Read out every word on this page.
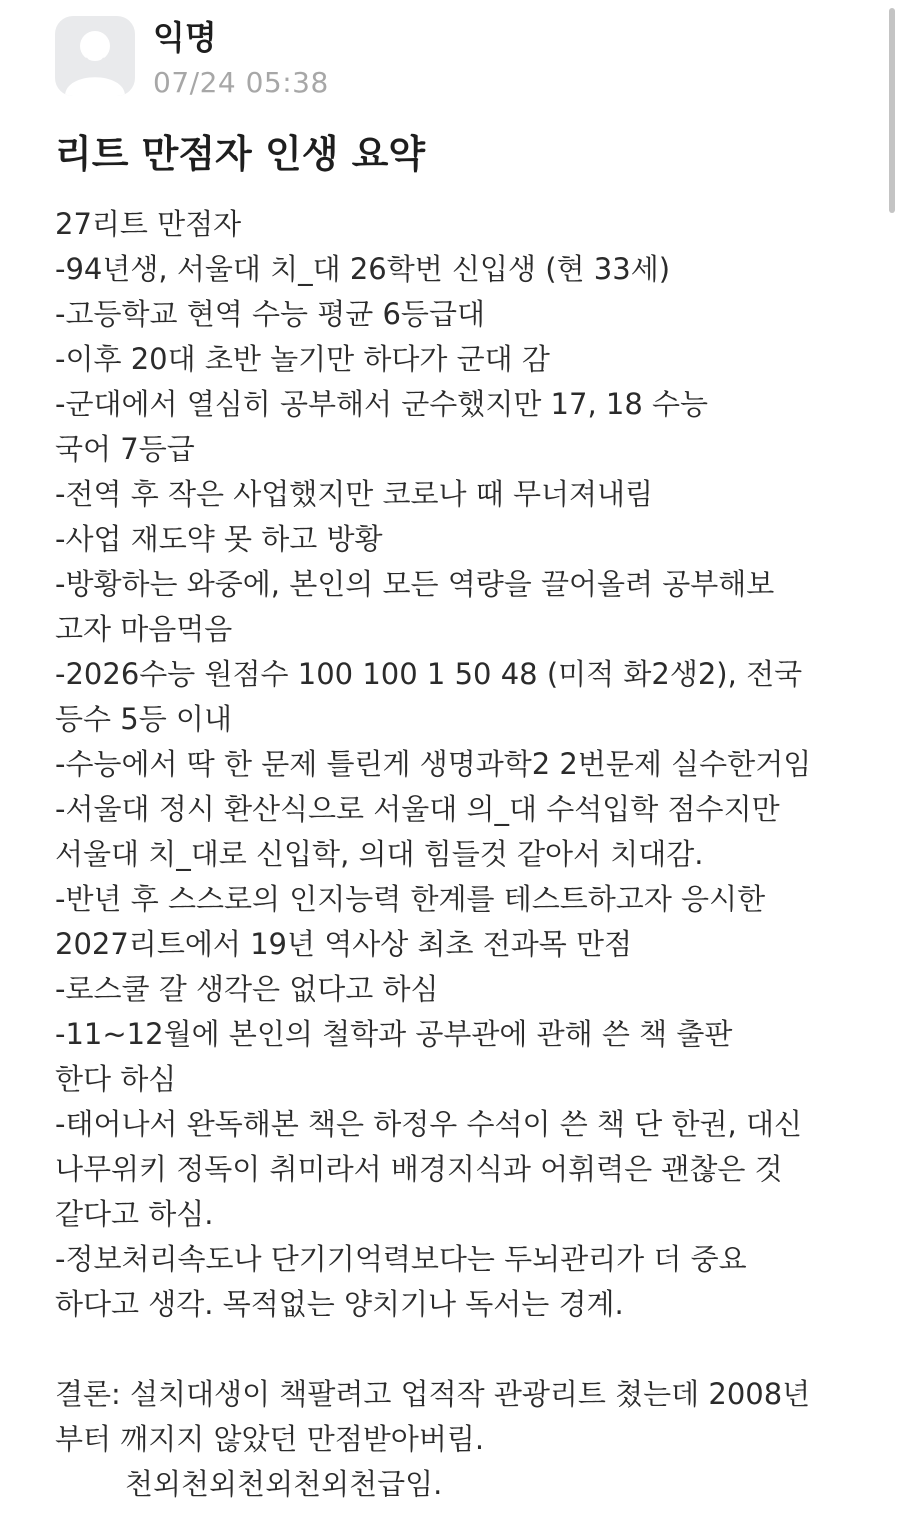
익명
07/24 05:38
리트 만점자 인생 요약
27리트 만점자
-94년생, 서울대 치_대 26학번 신입생 (현 33세)
-고등학교 현역 수능 평균 6등급대
-이후 20대 초반 놀기만 하다가 군대 감
-군대에서 열심히 공부해서 군수했지만 17, 18 수능
국어 7등급
-전역 후 작은 사업했지만 코로나 때 무너져내림
-사업 재도약 못 하고 방황
-방황하는 와중에, 본인의 모든 역량을 끌어올려 공부해보
고자 마음먹음
-2026수능 원점수 100 100 1 50 48 (미적 화2생2), 전국
등수 5등 이내
-수능에서 딱 한 문제 틀린게 생명과학2 2번문제 실수한거임
-서울대 정시 환산식으로 서울대 의_대 수석입학 점수지만
서울대 치_대로 신입학, 의대 힘들것 같아서 치대감.
-반년 후 스스로의 인지능력 한계를 테스트하고자 응시한
2027리트에서 19년 역사상 최초 전과목 만점
-로스쿨 갈 생각은 없다고 하심
-11~12월에 본인의 철학과 공부관에 관해 쓴 책 출판
한다 하심
-태어나서 완독해본 책은 하정우 수석이 쓴 책 단 한권, 대신
나무위키 정독이 취미라서 배경지식과 어휘력은 괜찮은 것
같다고 하심.
-정보처리속도나 단기기억력보다는 두뇌관리가 더 중요
하다고 생각. 목적없는 양치기나 독서는 경계.
결론: 설치대생이 책팔려고 업적작 관광리트 쳤는데 2008년
부터 깨지지 않았던 만점받아버림.
천외천외천외천외천급임.
